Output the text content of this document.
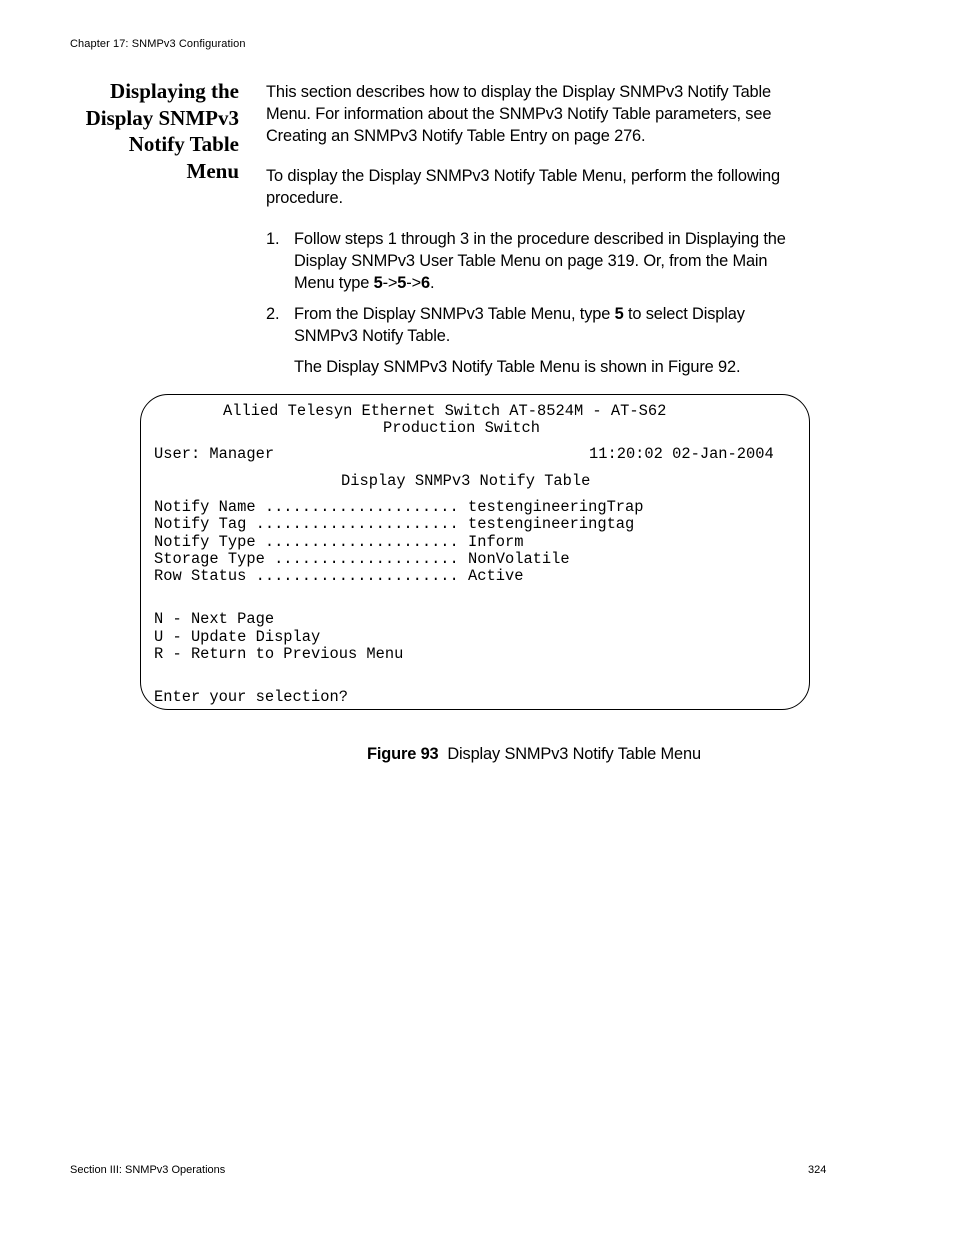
Chapter 17: SNMPv3 Configuration
Displaying the
Display SNMPv3
Notify Table
Menu

This section describes how to display the Display SNMPv3 Notify Table

Menu. For information about the SNMPv3 Notify Table parameters, see

Creating an SNMPv3 Notify Table Entry on page 276.

To display the Display SNMPv3 Notify Table Menu, perform the following

procedure.

1. Follow steps 1 through 3 in the procedure described in Displaying the
Display SNMPv3 User Table Menu on page 319. Or, from the Main
Menu type 5->5->6.
2. From the Display SNMPv3 Table Menu, type 5 to select Display
SNMPv3 Notify Table.
The Display SNMPv3 Notify Table Menu is shown in Figure 92.
Allied Telesyn Ethernet Switch AT-8524M - AT-S62
Production Switch
User: Manager	11:20:02 02-Jan-2004
Display SNMPv3 Notify Table
Notify Name ..................... testengineeringTrap
Notify Tag ...................... testengineeringtag
Notify Type ..................... Inform
Storage Type .................... NonVolatile
Row Status ...................... Active
N - Next Page
U - Update Display
R - Return to Previous Menu
Enter your selection?
Figure 93 Display SNMPv3 Notify Table Menu
Section III: SNMPv3 Operations	324
